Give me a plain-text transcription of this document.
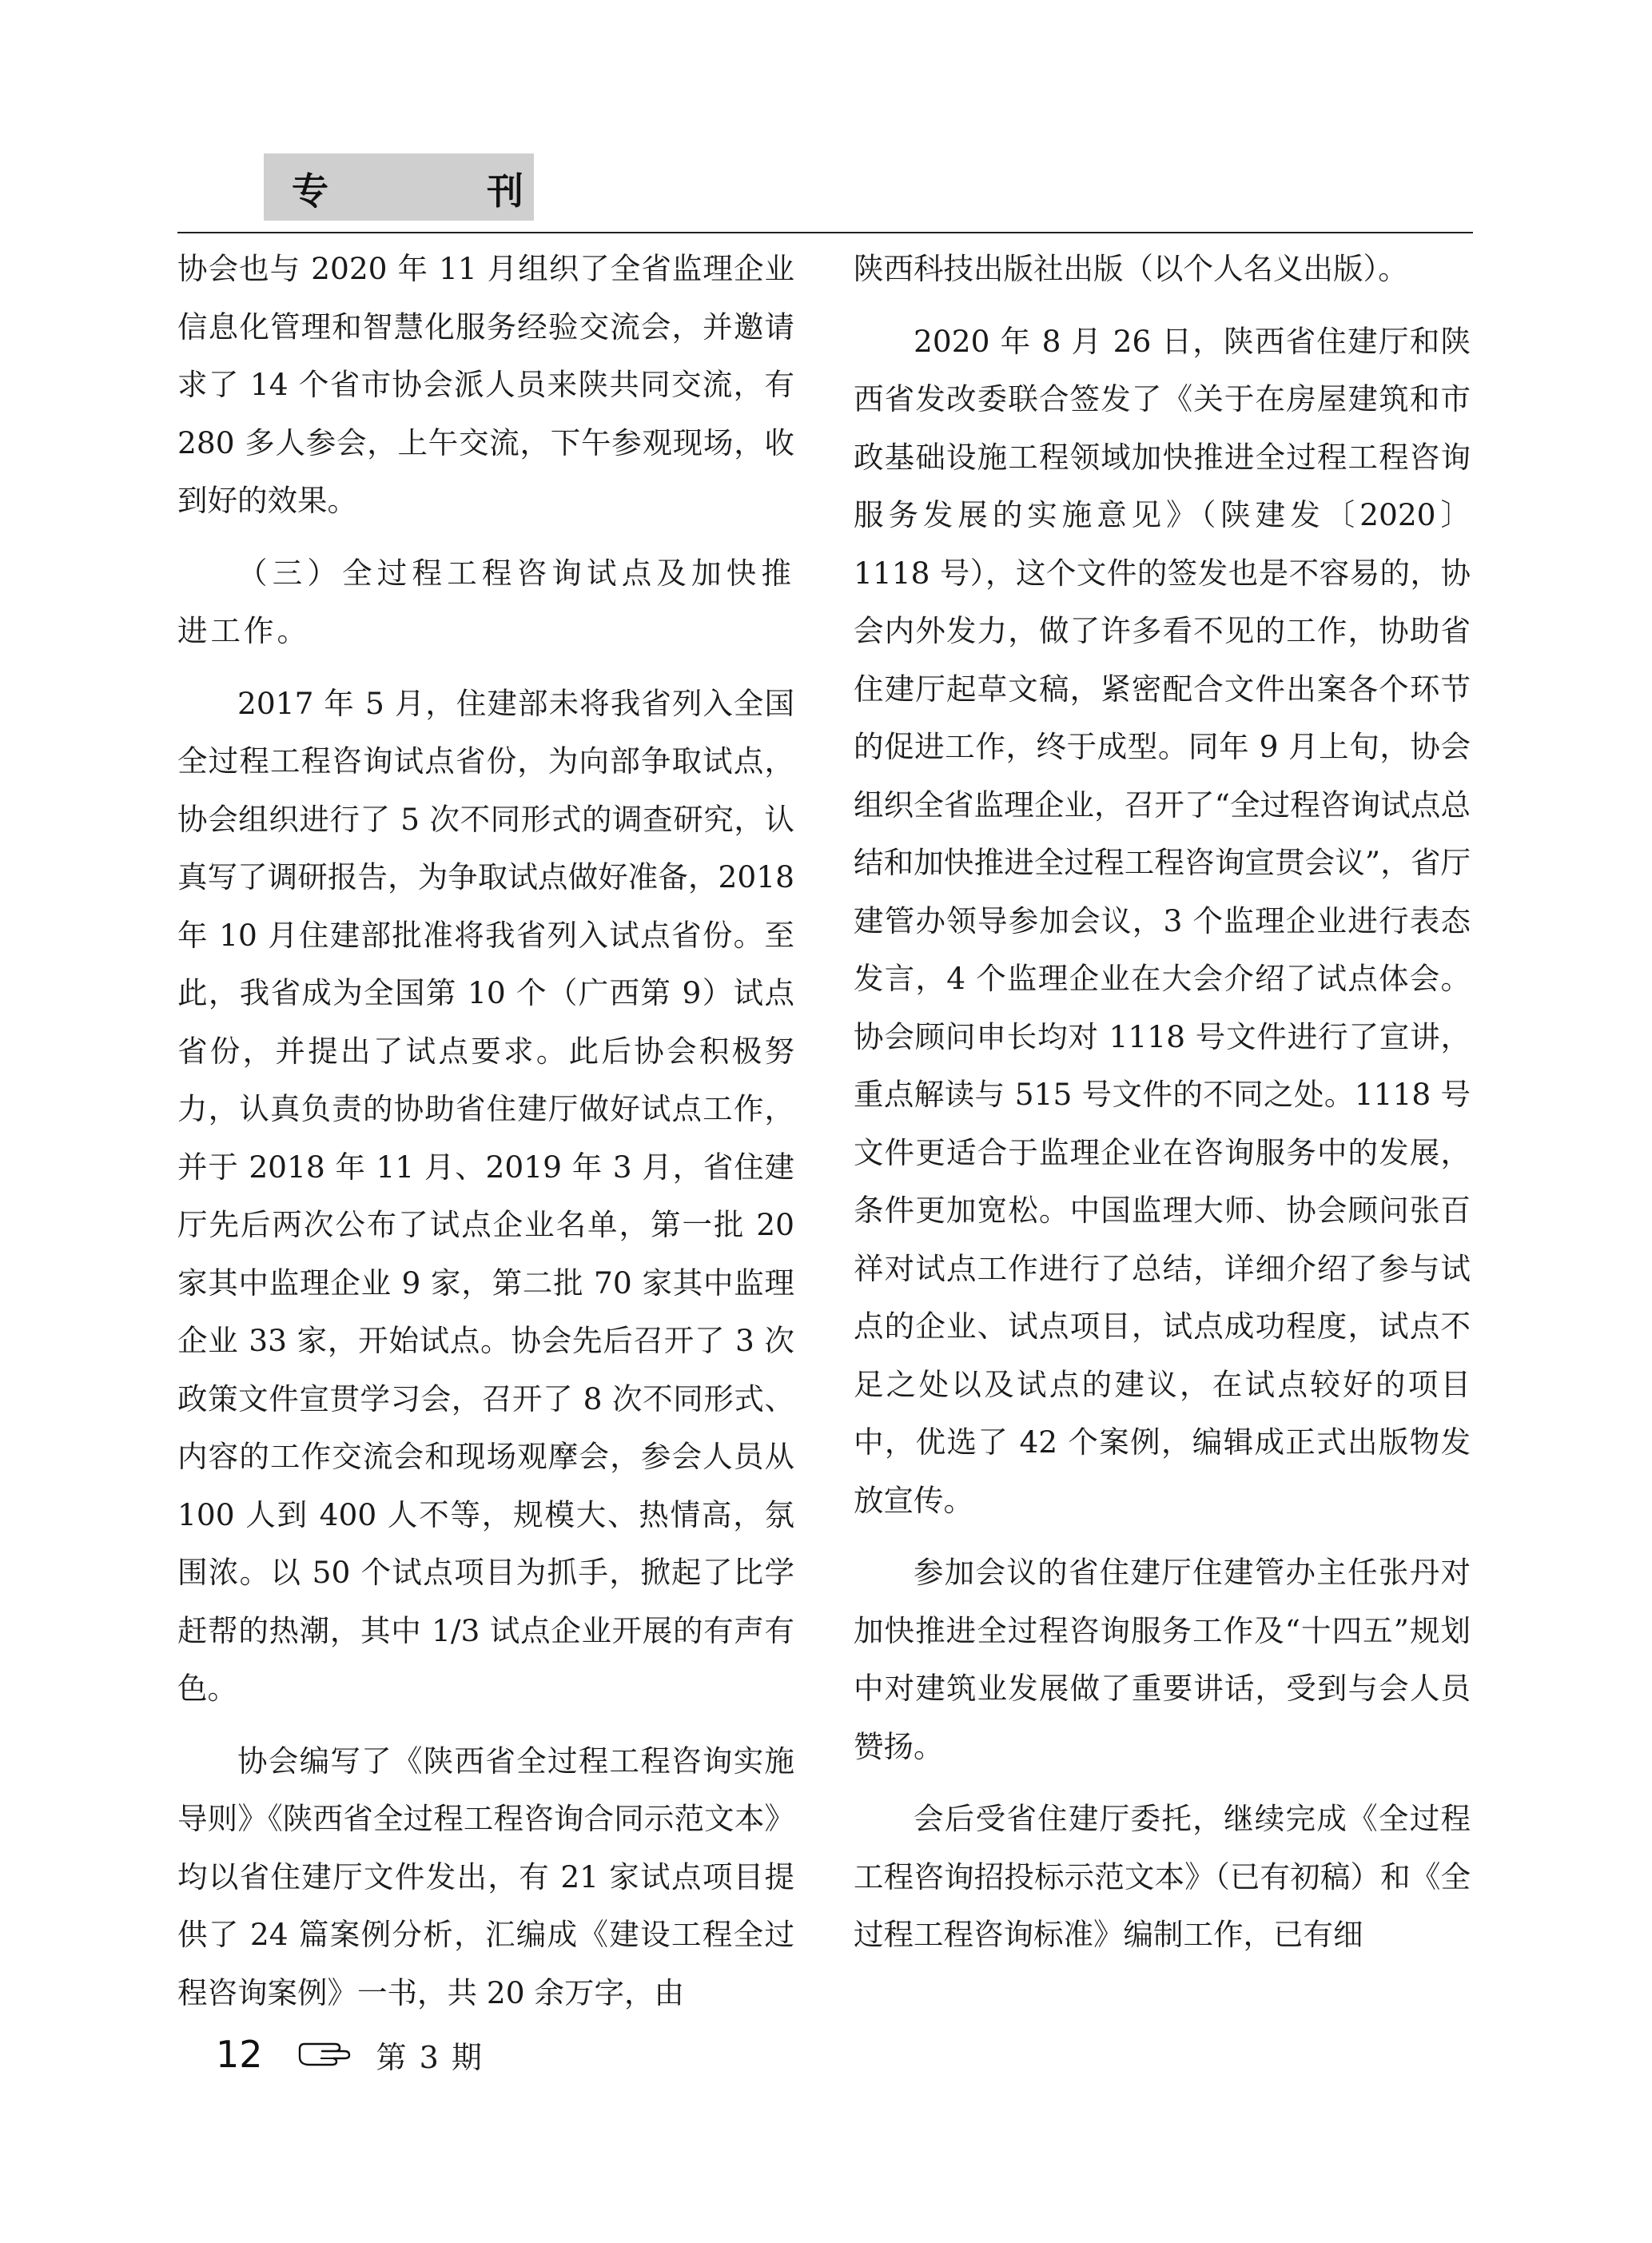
专	刊

协会也与 2020 年 11 月组织了全省监理企业信息化管理和智慧化服务经验交流会，并邀请求了 14 个省市协会派人员来陕共同交流，有 280 多人参会，上午交流，下午参观现场，收到好的效果。

（三）全过程工程咨询试点及加快推进工作。

2017 年 5 月，住建部未将我省列入全国全过程工程咨询试点省份，为向部争取试点，协会组织进行了 5 次不同形式的调查研究，认真写了调研报告，为争取试点做好准备，2018 年 10 月住建部批准将我省列入试点省份。至此，我省成为全国第 10 个（广西第 9）试点省份，并提出了试点要求。此后协会积极努力，认真负责的协助省住建厅做好试点工作，并于 2018 年 11 月、2019 年 3 月，省住建厅先后两次公布了试点企业名单，第一批 20 家其中监理企业 9 家，第二批 70 家其中监理企业 33 家，开始试点。协会先后召开了 3 次政策文件宣贯学习会，召开了 8 次不同形式、内容的工作交流会和现场观摩会，参会人员从 100 人到 400 人不等，规模大、热情高，氛围浓。以 50 个试点项目为抓手，掀起了比学赶帮的热潮，其中 1/3 试点企业开展的有声有色。

协会编写了《陕西省全过程工程咨询实施导则》《陕西省全过程工程咨询合同示范文本》均以省住建厅文件发出，有 21 家试点项目提供了 24 篇案例分析，汇编成《建设工程全过程咨询案例》一书，共 20 余万字，由

陕西科技出版社出版（以个人名义出版）。

2020 年 8 月 26 日，陕西省住建厅和陕西省发改委联合签发了《关于在房屋建筑和市政基础设施工程领域加快推进全过程工程咨询服务发展的实施意见》（陕建发〔2020〕1118 号），这个文件的签发也是不容易的，协会内外发力，做了许多看不见的工作，协助省住建厅起草文稿，紧密配合文件出案各个环节的促进工作，终于成型。同年 9 月上旬，协会组织全省监理企业，召开了“全过程咨询试点总结和加快推进全过程工程咨询宣贯会议”，省厅建管办领导参加会议，3 个监理企业进行表态发言，4 个监理企业在大会介绍了试点体会。协会顾问申长均对 1118 号文件进行了宣讲，重点解读与 515 号文件的不同之处。1118 号文件更适合于监理企业在咨询服务中的发展，条件更加宽松。中国监理大师、协会顾问张百祥对试点工作进行了总结，详细介绍了参与试点的企业、试点项目，试点成功程度，试点不足之处以及试点的建议，在试点较好的项目中，优选了 42 个案例，编辑成正式出版物发放宣传。

参加会议的省住建厅住建管办主任张丹对加快推进全过程咨询服务工作及“十四五”规划中对建筑业发展做了重要讲话，受到与会人员赞扬。

会后受省住建厅委托，继续完成《全过程工程咨询招投标示范文本》（已有初稿）和《全过程工程咨询标准》编制工作，已有细

12	第 3 期
